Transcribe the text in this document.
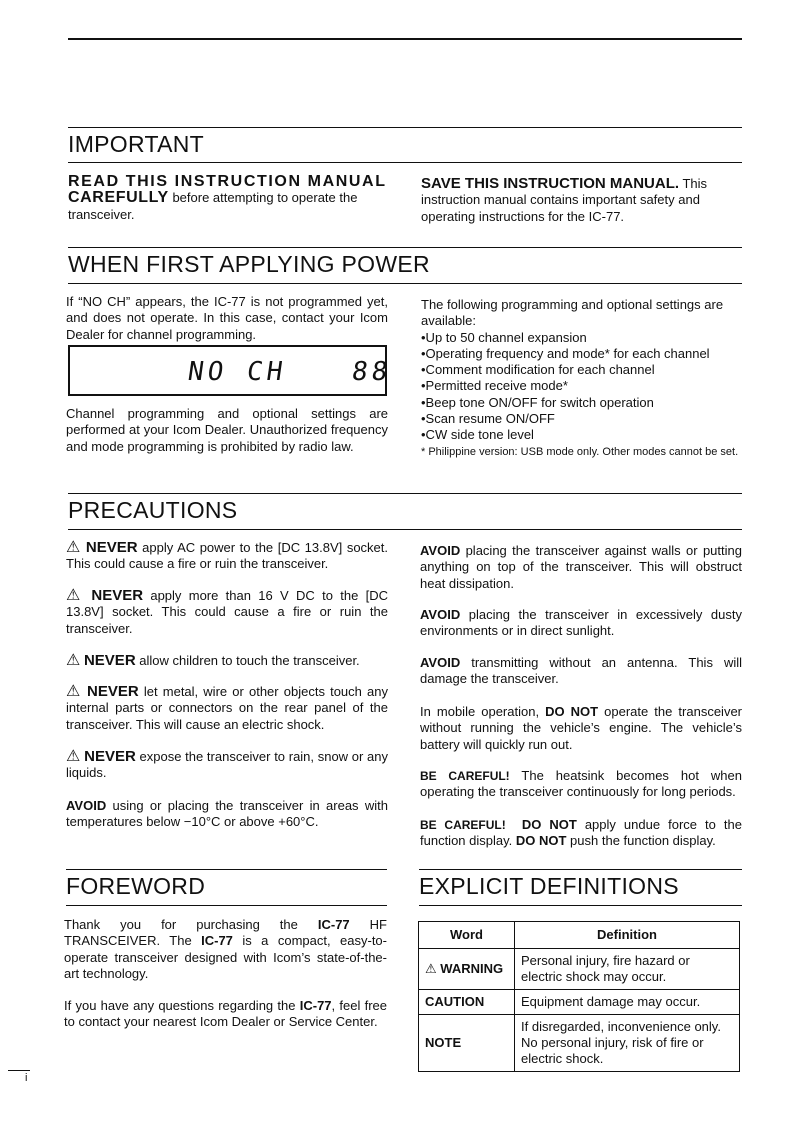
IMPORTANT
READ THIS INSTRUCTION MANUAL
CAREFULLY before attempting to operate the transceiver.
SAVE THIS INSTRUCTION MANUAL. This instruction manual contains important safety and operating instructions for the IC-77.
WHEN FIRST APPLYING POWER
If “NO CH” appears, the IC-77 is not programmed yet, and does not operate. In this case, contact your Icom Dealer for channel programming.
NO CH 88
Channel programming and optional settings are performed at your Icom Dealer. Unauthorized frequency and mode programming is prohibited by radio law.
The following programming and optional settings are available:
•Up to 50 channel expansion
•Operating frequency and mode* for each channel
•Comment modification for each channel
•Permitted receive mode*
•Beep tone ON/OFF for switch operation
•Scan resume ON/OFF
•CW side tone level
* Philippine version: USB mode only. Other modes cannot be set.
PRECAUTIONS
⚠ NEVER apply AC power to the [DC 13.8V] socket. This could cause a fire or ruin the transceiver.
⚠ NEVER apply more than 16 V DC to the [DC 13.8V] socket. This could cause a fire or ruin the transceiver.
⚠ NEVER allow children to touch the transceiver.
⚠ NEVER let metal, wire or other objects touch any internal parts or connectors on the rear panel of the transceiver. This will cause an electric shock.
⚠ NEVER expose the transceiver to rain, snow or any liquids.
AVOID using or placing the transceiver in areas with temperatures below −10°C or above +60°C.
AVOID placing the transceiver against walls or putting anything on top of the transceiver. This will obstruct heat dissipation.
AVOID placing the transceiver in excessively dusty environments or in direct sunlight.
AVOID transmitting without an antenna. This will damage the transceiver.
In mobile operation, DO NOT operate the transceiver without running the vehicle’s engine. The vehicle’s battery will quickly run out.
BE CAREFUL! The heatsink becomes hot when operating the transceiver continuously for long periods.
BE CAREFUL! DO NOT apply undue force to the function display. DO NOT push the function display.
FOREWORD
Thank you for purchasing the IC-77 HF TRANSCEIVER. The IC-77 is a compact, easy-to-operate transceiver designed with Icom’s state-of-the-art technology.
If you have any questions regarding the IC-77, feel free to contact your nearest Icom Dealer or Service Center.
EXPLICIT DEFINITIONS
Word	Definition
⚠ WARNING	Personal injury, fire hazard or electric shock may occur.
CAUTION	Equipment damage may occur.
NOTE	If disregarded, inconvenience only. No personal injury, risk of fire or electric shock.
i
